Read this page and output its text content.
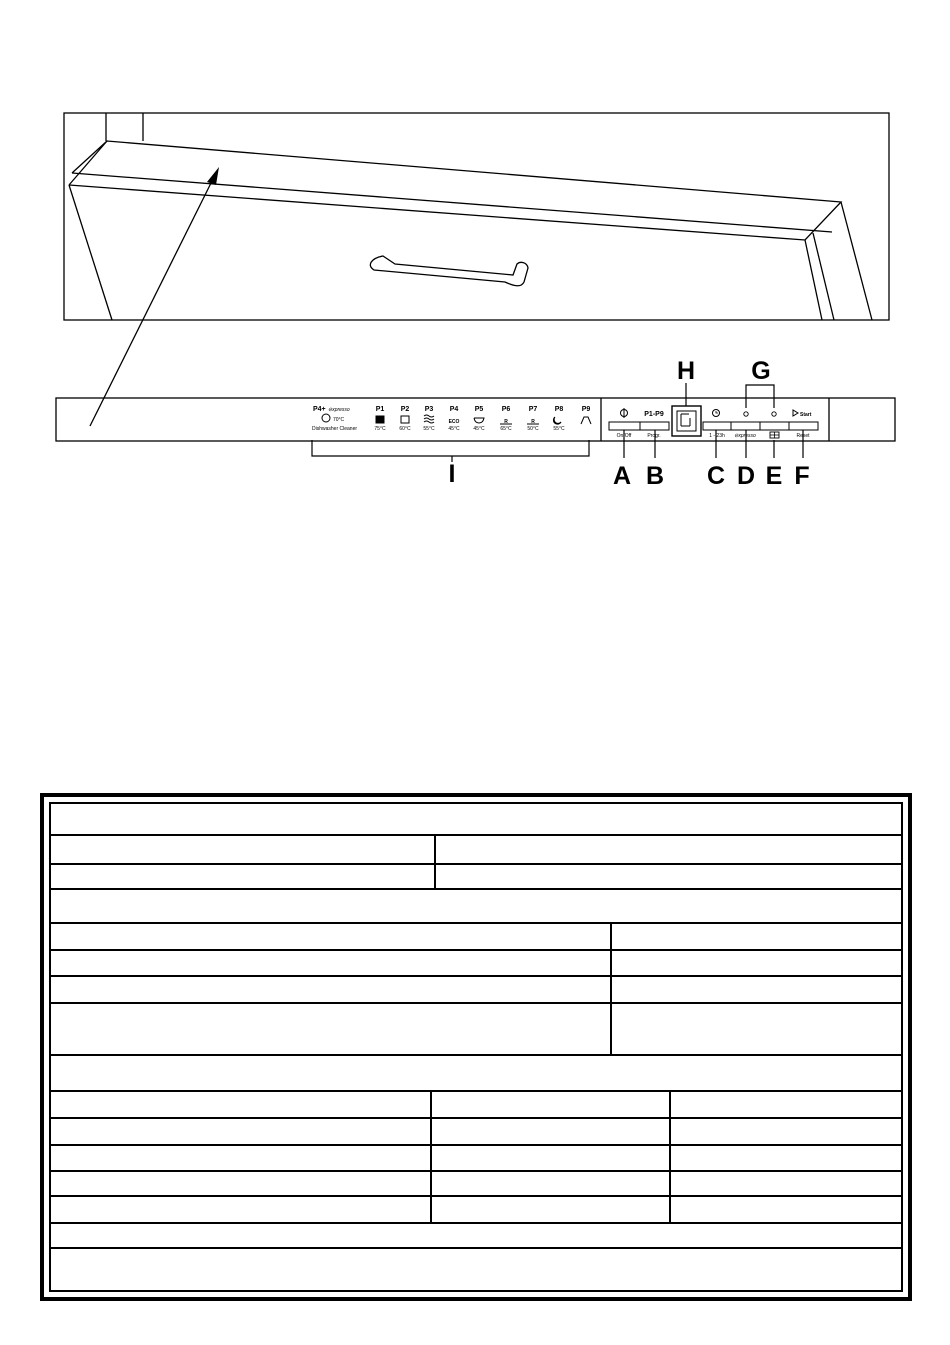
P4+ ⊖xpresso
70°C
Dishwasher Cleaner
P1 P2 P3 P4 P5	P6	P7 P8	P9
75°C	60°C	55°C	45°C	45°C	65°C	50°C	55°C
ECO	R	R
I
On/Off
P1-P9
Progr.	1 - 23h ⊖xpresso
Start
Reset
A B C D E F
H G
